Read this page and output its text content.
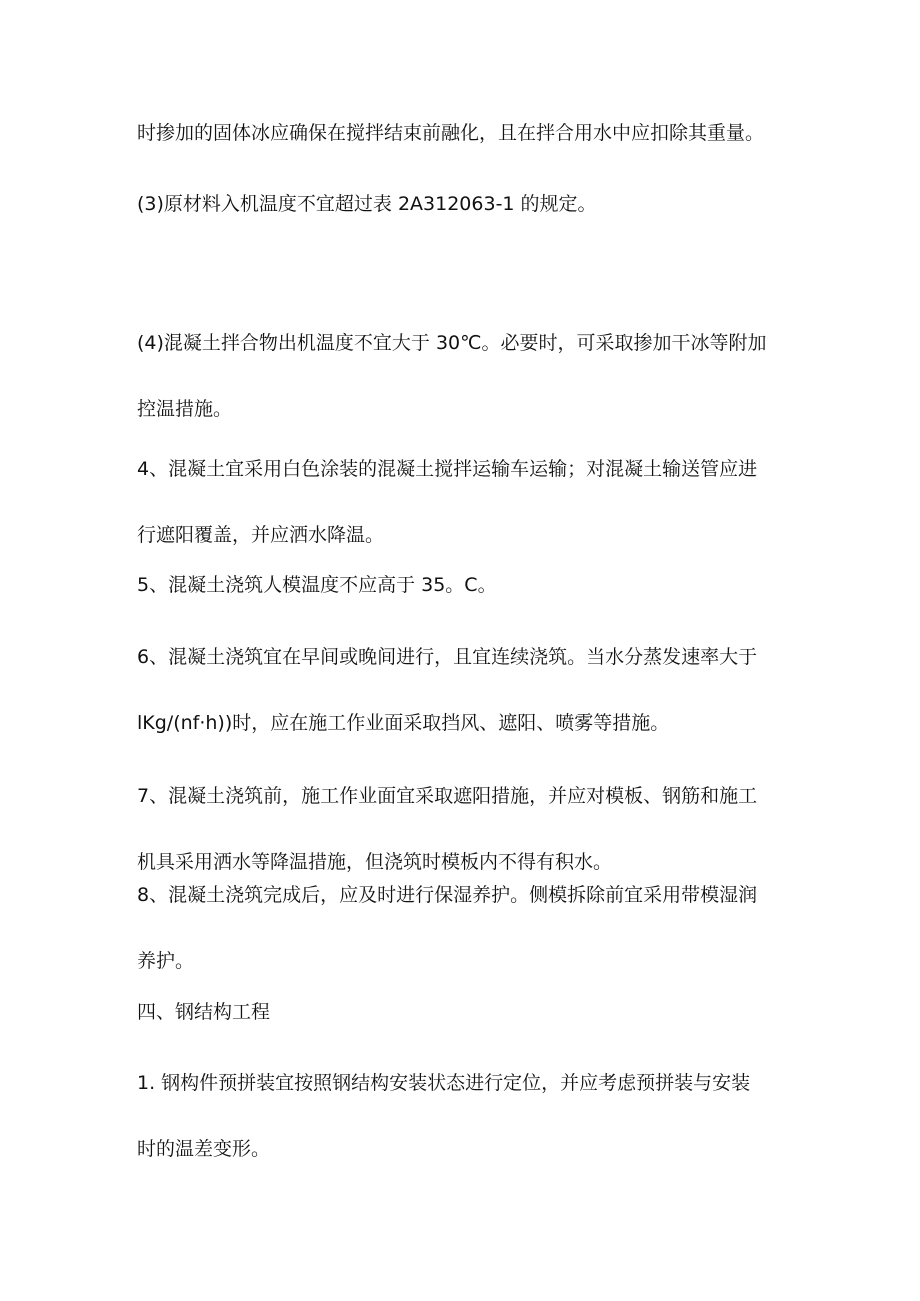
时掺加的固体冰应确保在搅拌结束前融化，且在拌合用水中应扣除其重量。

(3)原材料入机温度不宜超过表 2A312063-1 的规定。

(4)混凝土拌合物出机温度不宜大于 30℃。必要时，可采取掺加干冰等附加
控温措施。

4、混凝土宜采用白色涂装的混凝土搅拌运输车运输；对混凝土输送管应进
行遮阳覆盖，并应洒水降温。

5、混凝土浇筑人模温度不应高于 35。C。

6、混凝土浇筑宜在早间或晚间进行，且宜连续浇筑。当水分蒸发速率大于
lKg/(nf·h))时，应在施工作业面采取挡风、遮阳、喷雾等措施。

7、混凝土浇筑前，施工作业面宜采取遮阳措施，并应对模板、钢筋和施工
机具采用洒水等降温措施，但浇筑时模板内不得有积水。

8、混凝土浇筑完成后，应及时进行保湿养护。侧模拆除前宜采用带模湿润
养护。

四、钢结构工程

1. 钢构件预拼装宜按照钢结构安装状态进行定位，并应考虑预拼装与安装
时的温差变形。
